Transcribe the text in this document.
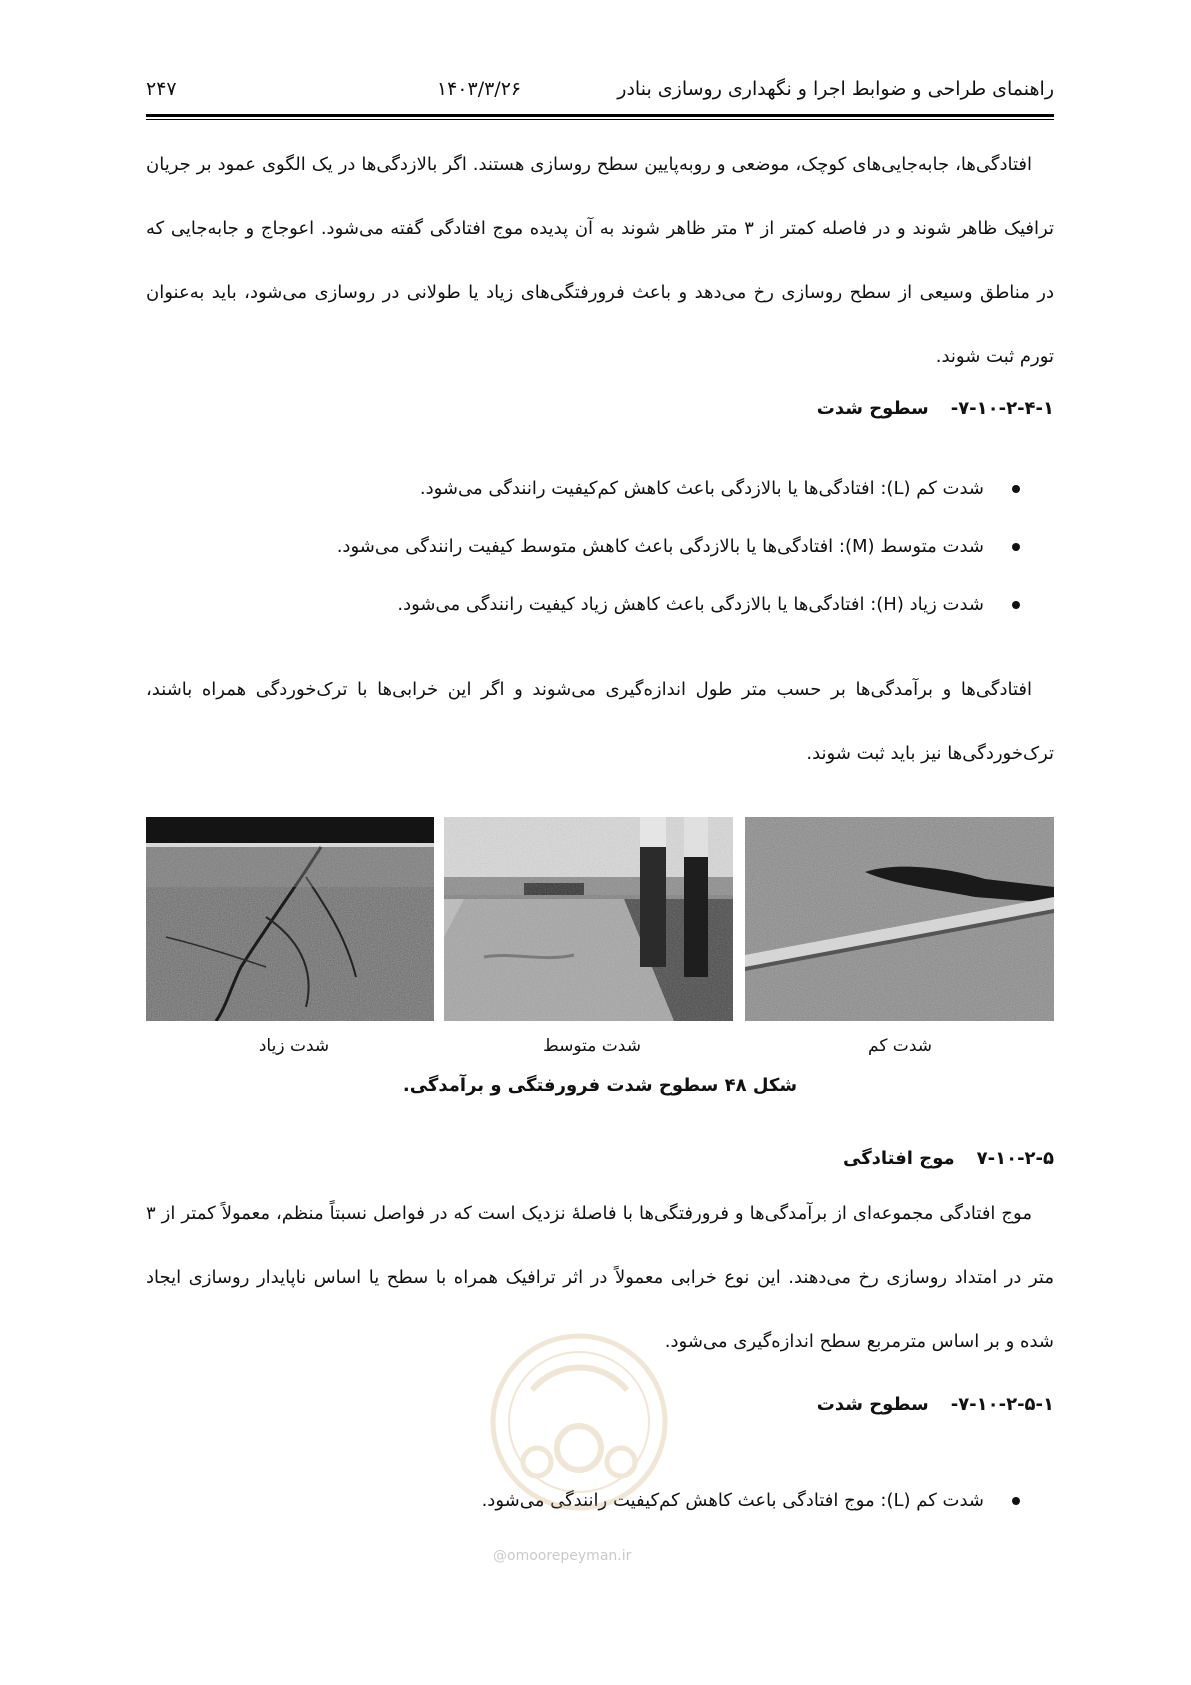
راهنمای طراحی و ضوابط اجرا و نگهداری روسازی بنادر
۱۴۰۳/۳/۲۶
۲۴۷

افتادگی‌ها، جابه‌جایی‌های کوچک، موضعی و روبه‌پایین سطح روسازی هستند. اگر بالازدگی‌ها در یک الگوی عمود بر جریان ترافیک ظاهر شوند و در فاصله کمتر از ۳ متر ظاهر شوند به آن پدیده موج افتادگی گفته می‌شود. اعوجاج و جابه‌جایی که در مناطق وسیعی از سطح روسازی رخ می‌دهد و باعث فرورفتگی‌های زیاد یا طولانی در روسازی می‌شود، باید به‌عنوان تورم ثبت شوند.

۷-۱۰-۲-۴-۱-سطوح شدت
شدت کم (L): افتادگی‌ها یا بالازدگی باعث کاهش کم‌کیفیت رانندگی می‌شود.
شدت متوسط (M): افتادگی‌ها یا بالازدگی باعث کاهش متوسط کیفیت رانندگی می‌شود.
شدت زیاد (H): افتادگی‌ها یا بالازدگی باعث کاهش زیاد کیفیت رانندگی می‌شود.

افتادگی‌ها و برآمدگی‌ها بر حسب متر طول اندازه‌گیری می‌شوند و اگر این خرابی‌ها با ترک‌خوردگی همراه باشند، ترک‌خوردگی‌ها نیز باید ثبت شوند.

شدت زیاد	شدت متوسط	شدت کم
شکل ۴۸ سطوح شدت فرورفتگی و برآمدگی.
۷-۱۰-۲-۵موج افتادگی

موج افتادگی مجموعه‌ای از برآمدگی‌ها و فرورفتگی‌ها با فاصلهٔ نزدیک است که در فواصل نسبتاً منظم، معمولاً کمتر از ۳ متر در امتداد روسازی رخ می‌دهند. این نوع خرابی معمولاً در اثر ترافیک همراه با سطح یا اساس ناپایدار روسازی ایجاد شده و بر اساس مترمربع سطح اندازه‌گیری می‌شود.

۷-۱۰-۲-۵-۱-سطوح شدت
شدت کم (L): موج افتادگی باعث کاهش کم‌کیفیت رانندگی می‌شود.
@omoorepeyman.ir
